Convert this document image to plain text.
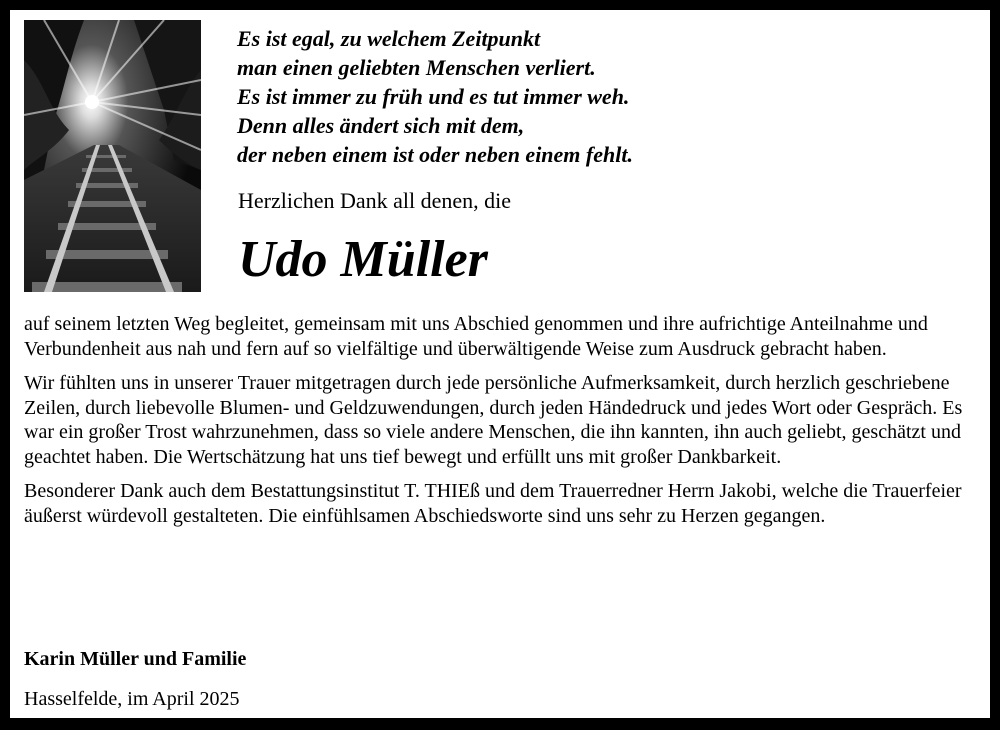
Es ist egal, zu welchem Zeitpunkt
man einen geliebten Menschen verliert.
Es ist immer zu früh und es tut immer weh.
Denn alles ändert sich mit dem,
der neben einem ist oder neben einem fehlt.
Herzlichen Dank all denen, die
Udo Müller

auf seinem letzten Weg begleitet, gemeinsam mit uns Abschied genommen und ihre aufrichtige Anteilnahme und Verbundenheit aus nah und fern auf so vielfältige und überwältigende Weise zum Ausdruck gebracht haben.

Wir fühlten uns in unserer Trauer mitgetragen durch jede persönliche Aufmerksamkeit, durch herzlich geschriebene Zeilen, durch liebevolle Blumen- und Geldzuwendungen, durch jeden Händedruck und jedes Wort oder Gespräch. Es war ein großer Trost wahrzunehmen, dass so viele andere Menschen, die ihn kannten, ihn auch geliebt, geschätzt und geachtet haben. Die Wertschätzung hat uns tief bewegt und erfüllt uns mit großer Dankbarkeit.

Besonderer Dank auch dem Bestattungsinstitut T. THIEß und dem Trauerredner Herrn Jakobi, welche die Trauerfeier äußerst würdevoll gestalteten. Die einfühlsamen Abschiedsworte sind uns sehr zu Herzen gegangen.

Karin Müller und Familie
Hasselfelde, im April 2025
